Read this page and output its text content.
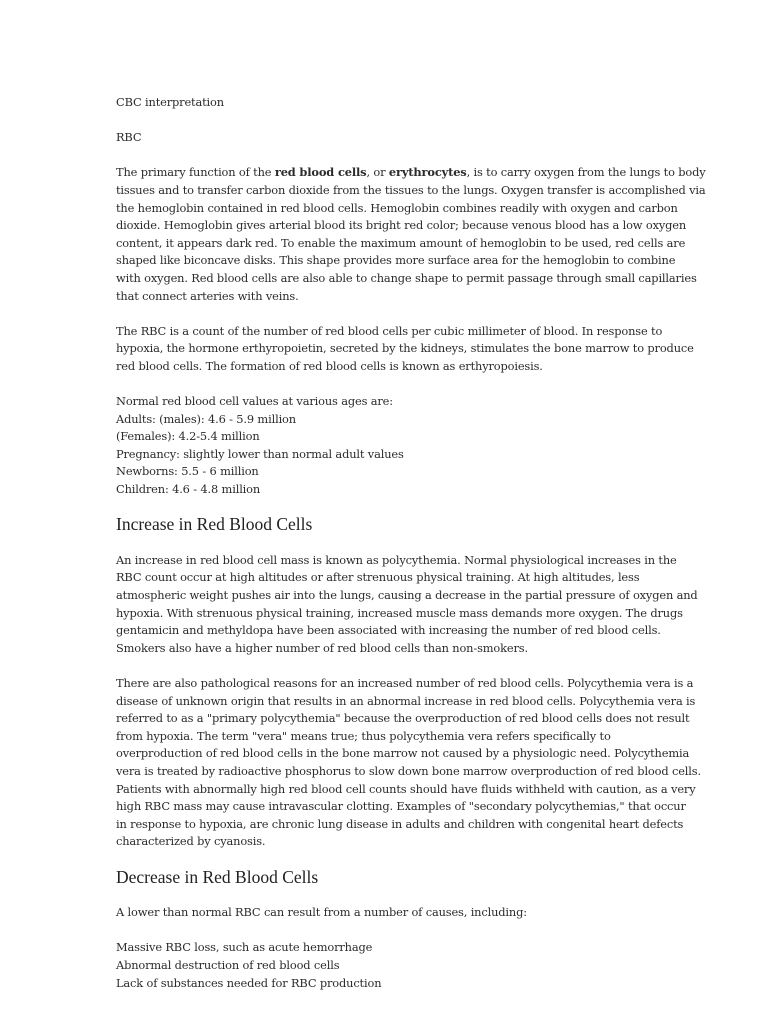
CBC interpretation

RBC

The primary function of the red blood cells, or erythrocytes, is to carry oxygen from the lungs to body
tissues and to transfer carbon dioxide from the tissues to the lungs. Oxygen transfer is accomplished via
the hemoglobin contained in red blood cells. Hemoglobin combines readily with oxygen and carbon
dioxide. Hemoglobin gives arterial blood its bright red color; because venous blood has a low oxygen
content, it appears dark red. To enable the maximum amount of hemoglobin to be used, red cells are
shaped like biconcave disks. This shape provides more surface area for the hemoglobin to combine
with oxygen. Red blood cells are also able to change shape to permit passage through small capillaries
that connect arteries with veins.

The RBC is a count of the number of red blood cells per cubic millimeter of blood. In response to
hypoxia, the hormone erthyropoietin, secreted by the kidneys, stimulates the bone marrow to produce
red blood cells. The formation of red blood cells is known as erthyropoiesis.

Normal red blood cell values at various ages are:
Adults: (males): 4.6 - 5.9 million
(Females): 4.2-5.4 million
Pregnancy: slightly lower than normal adult values
Newborns: 5.5 - 6 million
Children: 4.6 - 4.8 million

Increase in Red Blood Cells

An increase in red blood cell mass is known as polycythemia. Normal physiological increases in the
RBC count occur at high altitudes or after strenuous physical training. At high altitudes, less
atmospheric weight pushes air into the lungs, causing a decrease in the partial pressure of oxygen and
hypoxia. With strenuous physical training, increased muscle mass demands more oxygen. The drugs
gentamicin and methyldopa have been associated with increasing the number of red blood cells.
Smokers also have a higher number of red blood cells than non-smokers.

There are also pathological reasons for an increased number of red blood cells. Polycythemia vera is a
disease of unknown origin that results in an abnormal increase in red blood cells. Polycythemia vera is
referred to as a "primary polycythemia" because the overproduction of red blood cells does not result
from hypoxia. The term "vera" means true; thus polycythemia vera refers specifically to
overproduction of red blood cells in the bone marrow not caused by a physiologic need. Polycythemia
vera is treated by radioactive phosphorus to slow down bone marrow overproduction of red blood cells.
Patients with abnormally high red blood cell counts should have fluids withheld with caution, as a very
high RBC mass may cause intravascular clotting. Examples of "secondary polycythemias," that occur
in response to hypoxia, are chronic lung disease in adults and children with congenital heart defects
characterized by cyanosis.

Decrease in Red Blood Cells

A lower than normal RBC can result from a number of causes, including:

Massive RBC loss, such as acute hemorrhage
Abnormal destruction of red blood cells
Lack of substances needed for RBC production
